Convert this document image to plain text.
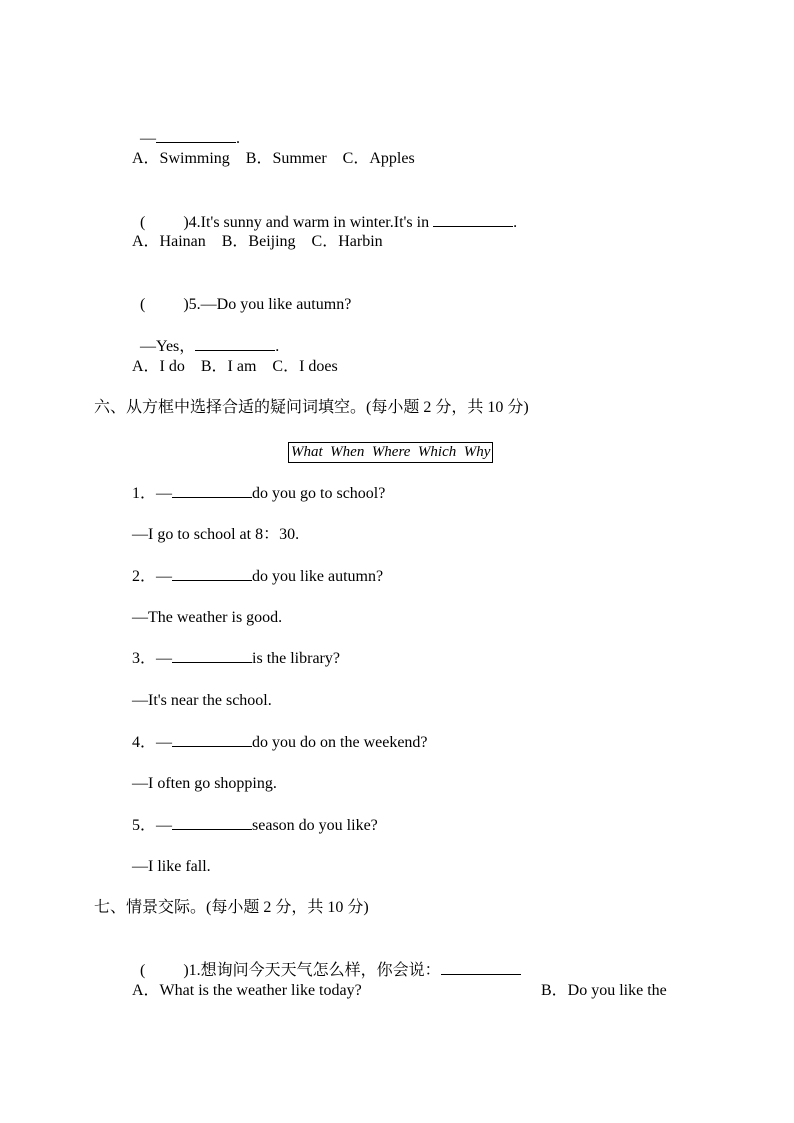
—	.

A．Swimming    B．Summer    C．Apples

( )4.It's sunny and warm in winter.It's in	.

A．Hainan    B．Beijing    C．Harbin

( )5.—Do you like autumn?

—Yes，	.

A．I do    B．I am    C．I does
六、从方框中选择合适的疑问词填空。(每小题 2 分，共 10 分)
What  When  Where  Which  Why
1．—	do you go to school?
—I go to school at 8：30.
2．—	do you like autumn?
—The weather is good.
3．—	is the library?
—It's near the school.
4．—	do you do on the weekend?
—I often go shopping.
5．—	season do you like?
—I like fall.
七、情景交际。(每小题 2 分，共 10 分)

( )1.想询问今天天气怎么样，你会说：

A．What is the weather like today?	B．Do you like the
